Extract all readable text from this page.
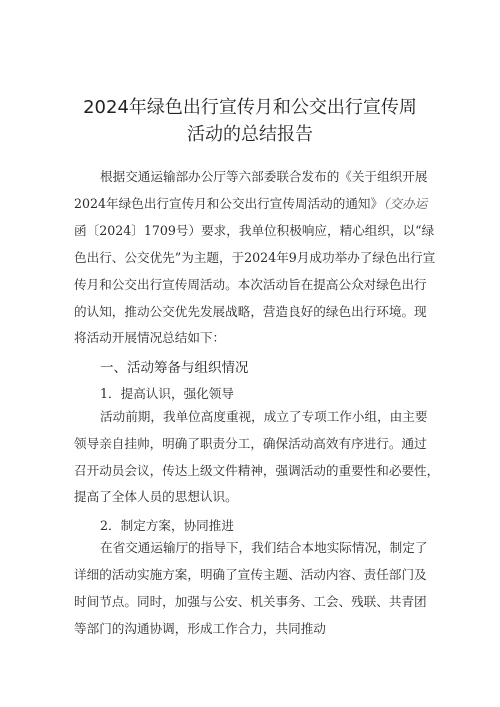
2024年绿色出行宣传月和公交出行宣传周
活动的总结报告
根据交通运输部办公厅等六部委联合发布的《关于组织开展
2024年绿色出行宣传月和公交出行宣传周活动的通知》（交办运
函〔2024〕1709号）要求，我单位积极响应，精心组织，以“绿
色出行、公交优先”为主题，于2024年9月成功举办了绿色出行宣
传月和公交出行宣传周活动。本次活动旨在提高公众对绿色出行
的认知，推动公交优先发展战略，营造良好的绿色出行环境。现
将活动开展情况总结如下：
一、活动筹备与组织情况
1．提高认识，强化领导
活动前期，我单位高度重视，成立了专项工作小组，由主要
领导亲自挂帅，明确了职责分工，确保活动高效有序进行。通过
召开动员会议，传达上级文件精神，强调活动的重要性和必要性，
提高了全体人员的思想认识。
2．制定方案，协同推进
在省交通运输厅的指导下，我们结合本地实际情况，制定了
详细的活动实施方案，明确了宣传主题、活动内容、责任部门及
时间节点。同时，加强与公安、机关事务、工会、残联、共青团
等部门的沟通协调，形成工作合力，共同推动
